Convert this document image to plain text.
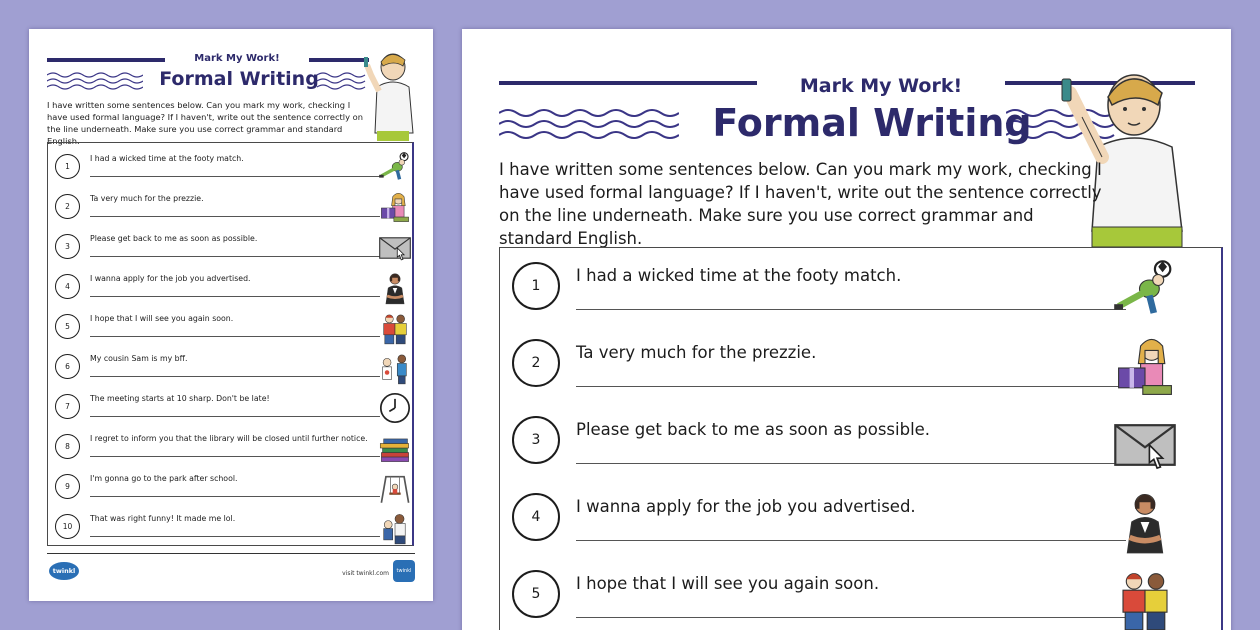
Mark My Work!
Formal Writing
I have written some sentences below. Can you mark my work, checking I have used formal language? If I haven't, write out the sentence correctly on the line underneath. Make sure you use correct grammar and standard English.
1
I had a wicked time at the footy match.
2
Ta very much for the prezzie.
3
Please get back to me as soon as possible.
4
I wanna apply for the job you advertised.
5
I hope that I will see you again soon.
6
My cousin Sam is my bff.
7
The meeting starts at 10 sharp. Don't be late!
8
I regret to inform you that the library will be closed until further notice.
9
I'm gonna go to the park after school.
10
That was right funny! It made me lol.
twinkl	visit twinkl.com	twinkl
Mark My Work!
Formal Writing
I have written some sentences below. Can you mark my work, checking I have used formal language? If I haven't, write out the sentence correctly on the line underneath. Make sure you use correct grammar and standard English.
1
I had a wicked time at the footy match.
2
Ta very much for the prezzie.
3
Please get back to me as soon as possible.
4
I wanna apply for the job you advertised.
5
I hope that I will see you again soon.
